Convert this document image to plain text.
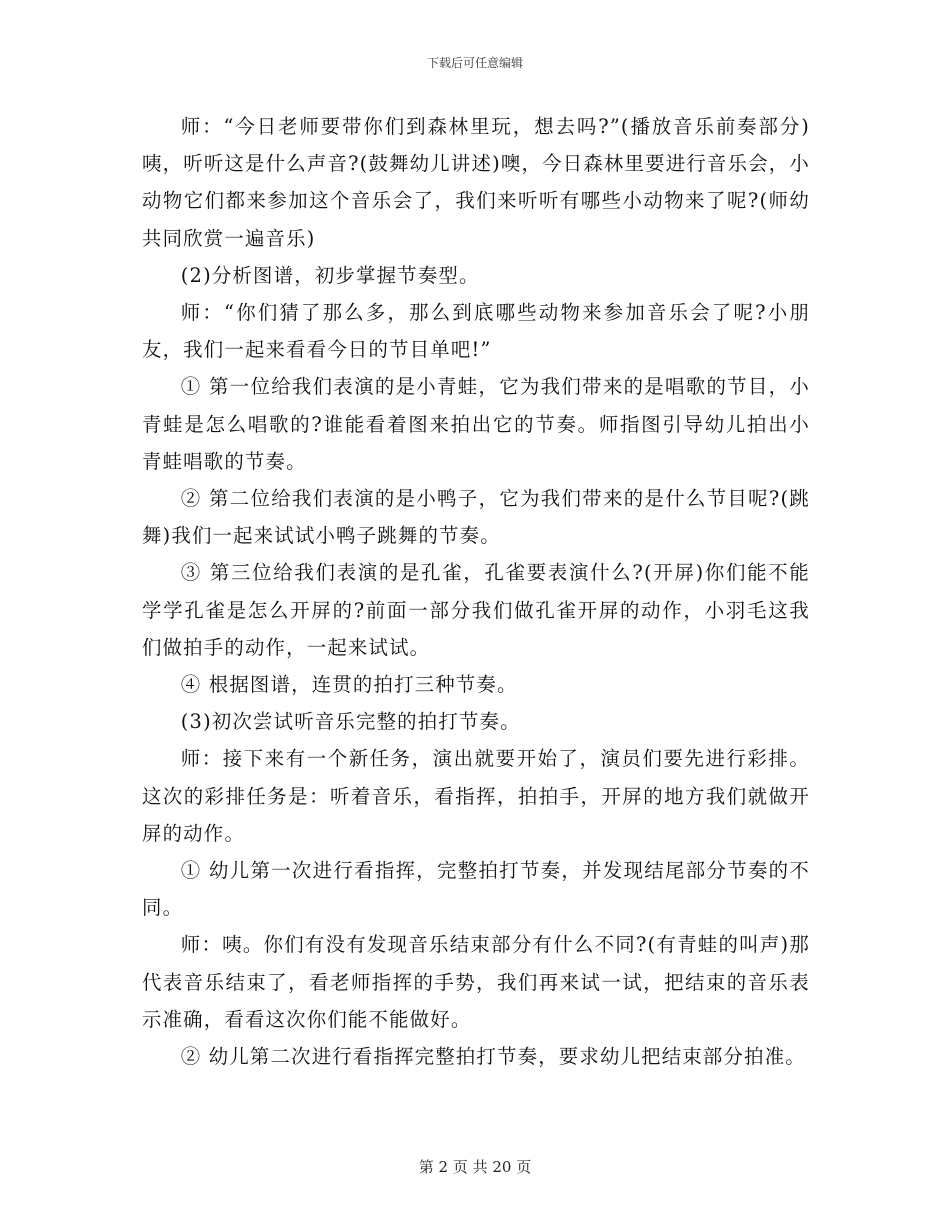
下载后可任意编辑

师：“今日老师要带你们到森林里玩，想去吗?”(播放音乐前奏部分)咦，听听这是什么声音?(鼓舞幼儿讲述)噢，今日森林里要进行音乐会，小动物它们都来参加这个音乐会了，我们来听听有哪些小动物来了呢?(师幼共同欣赏一遍音乐)

(2)分析图谱，初步掌握节奏型。

师：“你们猜了那么多，那么到底哪些动物来参加音乐会了呢?小朋友，我们一起来看看今日的节目单吧!”

① 第一位给我们表演的是小青蛙，它为我们带来的是唱歌的节目，小青蛙是怎么唱歌的?谁能看着图来拍出它的节奏。师指图引导幼儿拍出小青蛙唱歌的节奏。

② 第二位给我们表演的是小鸭子，它为我们带来的是什么节目呢?(跳舞)我们一起来试试小鸭子跳舞的节奏。

③ 第三位给我们表演的是孔雀，孔雀要表演什么?(开屏)你们能不能学学孔雀是怎么开屏的?前面一部分我们做孔雀开屏的动作，小羽毛这我们做拍手的动作，一起来试试。

④ 根据图谱，连贯的拍打三种节奏。

(3)初次尝试听音乐完整的拍打节奏。

师：接下来有一个新任务，演出就要开始了，演员们要先进行彩排。这次的彩排任务是：听着音乐，看指挥，拍拍手，开屏的地方我们就做开屏的动作。

① 幼儿第一次进行看指挥，完整拍打节奏，并发现结尾部分节奏的不同。

师：咦。你们有没有发现音乐结束部分有什么不同?(有青蛙的叫声)那代表音乐结束了，看老师指挥的手势，我们再来试一试，把结束的音乐表示准确，看看这次你们能不能做好。

② 幼儿第二次进行看指挥完整拍打节奏，要求幼儿把结束部分拍准。

第 2 页 共 20 页
